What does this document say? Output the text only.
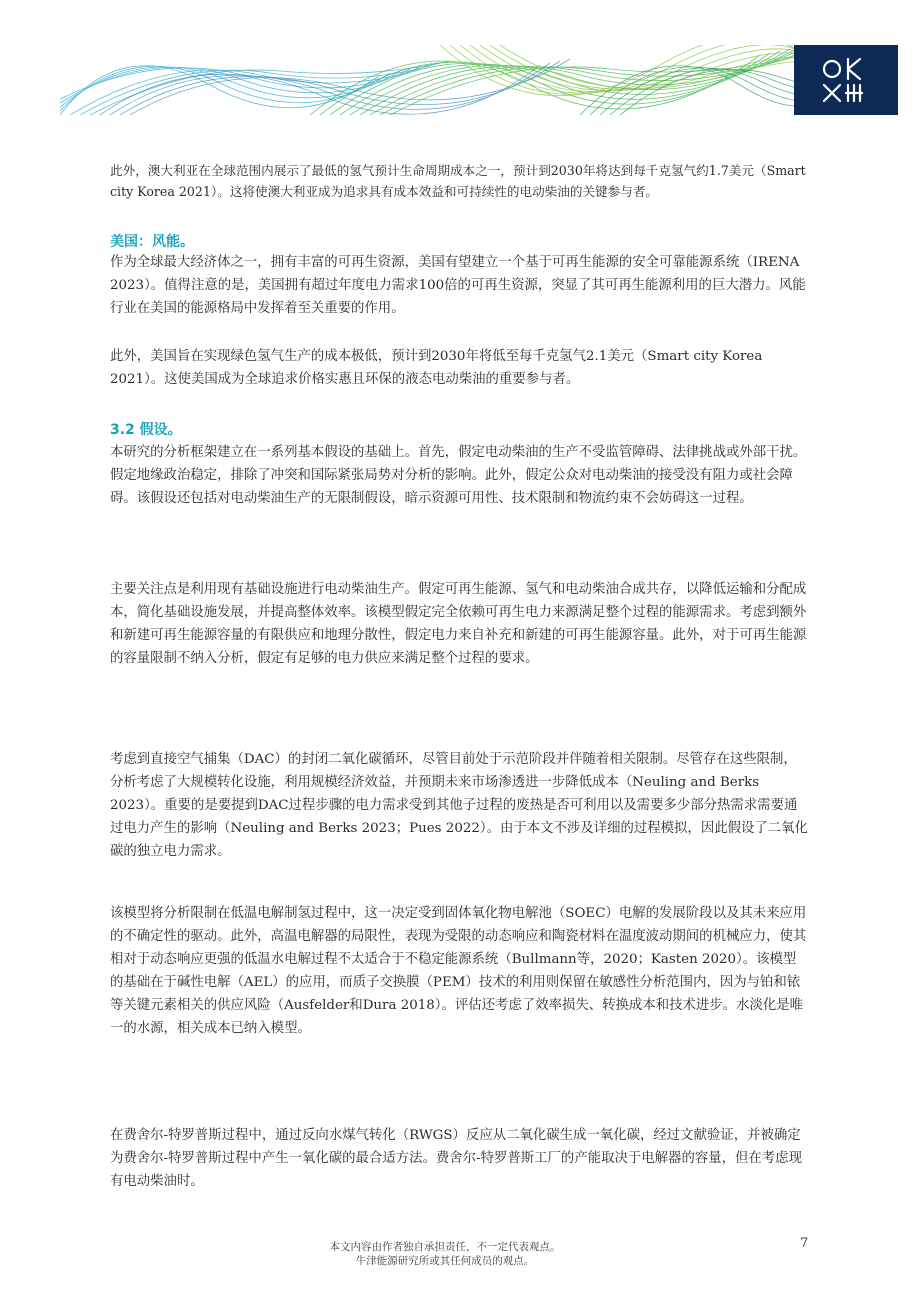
此外，澳大利亚在全球范围内展示了最低的氢气预计生命周期成本之一，预计到2030年将达到每千克氢气约1.7美元（Smart city Korea 2021）。这将使澳大利亚成为追求具有成本效益和可持续性的电动柴油的关键参与者。

美国：风能。

作为全球最大经济体之一，拥有丰富的可再生资源，美国有望建立一个基于可再生能源的安全可靠能源系统（IRENA 2023）。值得注意的是，美国拥有超过年度电力需求100倍的可再生资源，突显了其可再生能源利用的巨大潜力。风能行业在美国的能源格局中发挥着至关重要的作用。

此外，美国旨在实现绿色氢气生产的成本极低，预计到2030年将低至每千克氢气2.1美元（Smart city Korea 2021）。这使美国成为全球追求价格实惠且环保的液态电动柴油的重要参与者。

3.2 假设。

本研究的分析框架建立在一系列基本假设的基础上。首先，假定电动柴油的生产不受监管障碍、法律挑战或外部干扰。假定地缘政治稳定，排除了冲突和国际紧张局势对分析的影响。此外，假定公众对电动柴油的接受没有阻力或社会障碍。该假设还包括对电动柴油生产的无限制假设，暗示资源可用性、技术限制和物流约束不会妨碍这一过程。

主要关注点是利用现有基础设施进行电动柴油生产。假定可再生能源、氢气和电动柴油合成共存，以降低运输和分配成本，简化基础设施发展，并提高整体效率。该模型假定完全依赖可再生电力来源满足整个过程的能源需求。考虑到额外和新建可再生能源容量的有限供应和地理分散性，假定电力来自补充和新建的可再生能源容量。此外，对于可再生能源的容量限制不纳入分析，假定有足够的电力供应来满足整个过程的要求。

考虑到直接空气捕集（DAC）的封闭二氧化碳循环，尽管目前处于示范阶段并伴随着相关限制。尽管存在这些限制，分析考虑了大规模转化设施，利用规模经济效益，并预期未来市场渗透进一步降低成本（Neuling and Berks 2023）。重要的是要提到DAC过程步骤的电力需求受到其他子过程的废热是否可利用以及需要多少部分热需求需要通过电力产生的影响（Neuling and Berks 2023；Pues 2022）。由于本文不涉及详细的过程模拟，因此假设了二氧化碳的独立电力需求。

该模型将分析限制在低温电解制氢过程中，这一决定受到固体氧化物电解池（SOEC）电解的发展阶段以及其未来应用的不确定性的驱动。此外，高温电解器的局限性，表现为受限的动态响应和陶瓷材料在温度波动期间的机械应力，使其相对于动态响应更强的低温水电解过程不太适合于不稳定能源系统（Bullmann等，2020；Kasten 2020）。该模型的基础在于碱性电解（AEL）的应用，而质子交换膜（PEM）技术的利用则保留在敏感性分析范围内，因为与铂和铱等关键元素相关的供应风险（Ausfelder和Dura 2018）。评估还考虑了效率损失、转换成本和技术进步。水淡化是唯一的水源，相关成本已纳入模型。

在费舍尔-特罗普斯过程中，通过反向水煤气转化（RWGS）反应从二氧化碳生成一氧化碳，经过文献验证，并被确定为费舍尔-特罗普斯过程中产生一氧化碳的最合适方法。费舍尔-特罗普斯工厂的产能取决于电解器的容量，但在考虑现有电动柴油时。

本文内容由作者独自承担责任，不一定代表观点。
牛津能源研究所或其任何成员的观点。
7
